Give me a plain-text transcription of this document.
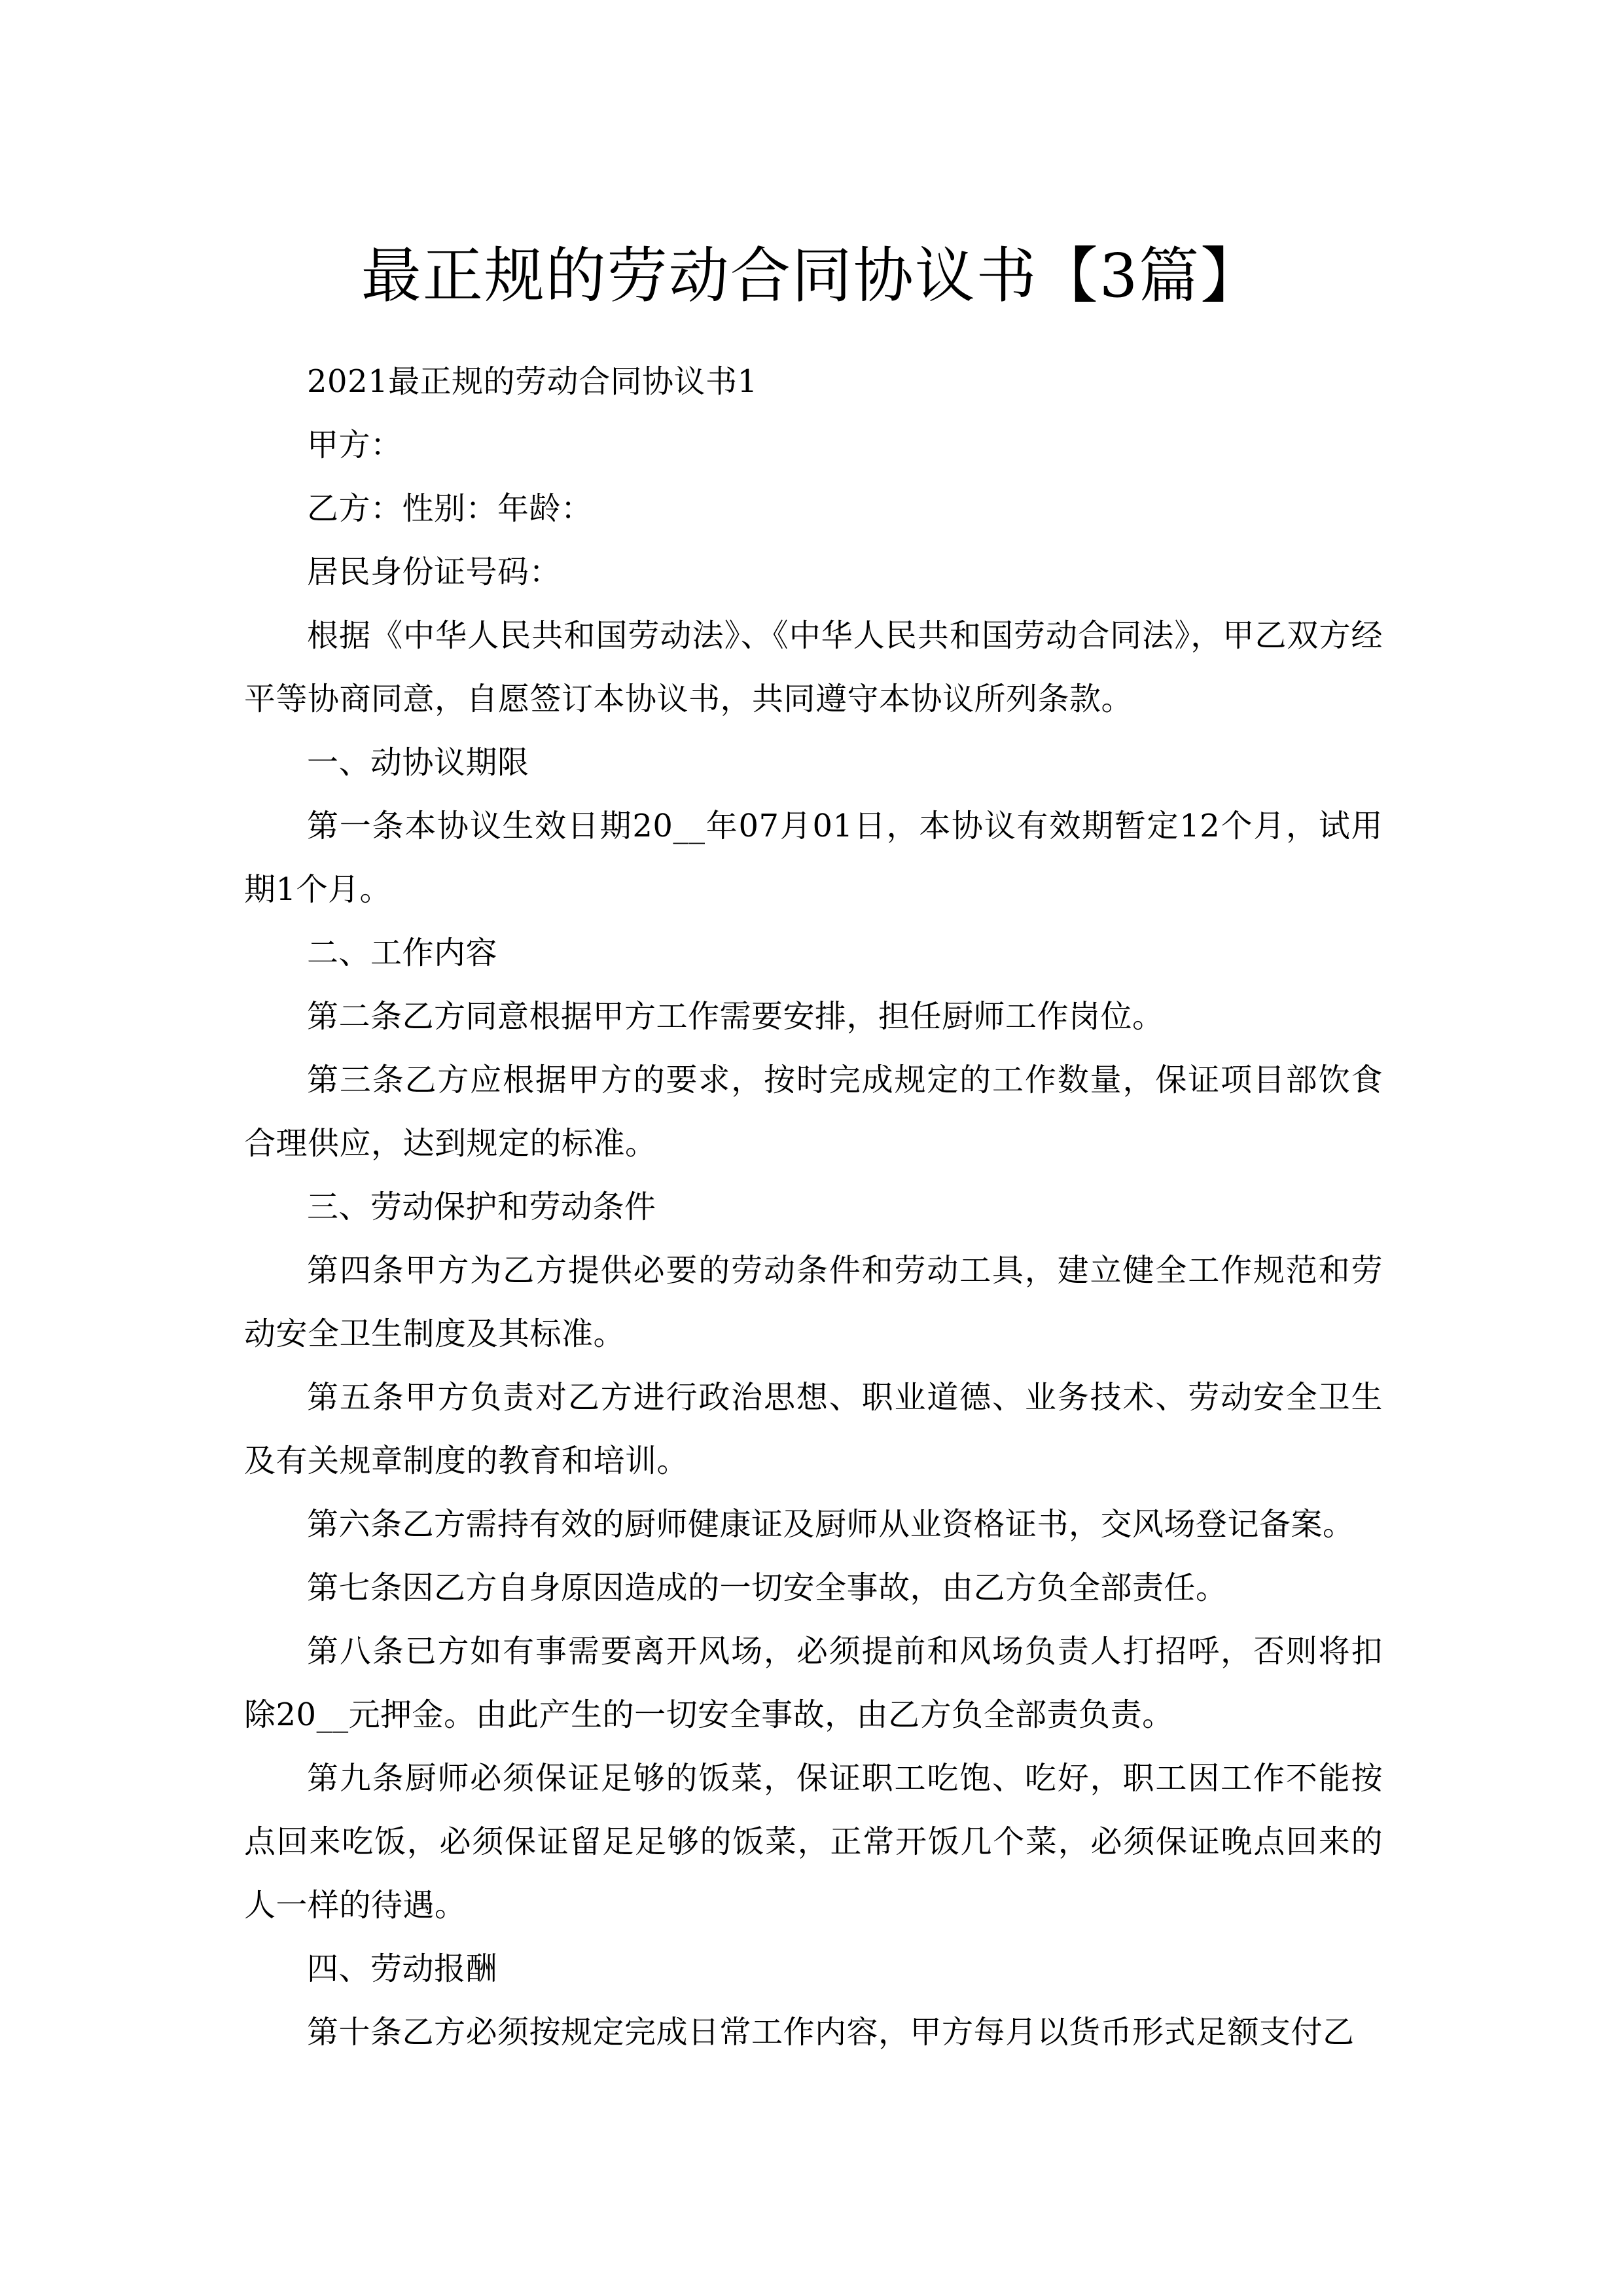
最正规的劳动合同协议书【3篇】

2021最正规的劳动合同协议书1

甲方：

乙方：性别：年龄：

居民身份证号码：

根据《中华人民共和国劳动法》、《中华人民共和国劳动合同法》，甲乙双方经平等协商同意，自愿签订本协议书，共同遵守本协议所列条款。

一、动协议期限

第一条本协议生效日期20__年07月01日，本协议有效期暂定12个月，试用期1个月。

二、工作内容

第二条乙方同意根据甲方工作需要安排，担任厨师工作岗位。

第三条乙方应根据甲方的要求，按时完成规定的工作数量，保证项目部饮食合理供应，达到规定的标准。

三、劳动保护和劳动条件

第四条甲方为乙方提供必要的劳动条件和劳动工具，建立健全工作规范和劳动安全卫生制度及其标准。

第五条甲方负责对乙方进行政治思想、职业道德、业务技术、劳动安全卫生及有关规章制度的教育和培训。

第六条乙方需持有效的厨师健康证及厨师从业资格证书，交风场登记备案。

第七条因乙方自身原因造成的一切安全事故，由乙方负全部责任。

第八条已方如有事需要离开风场，必须提前和风场负责人打招呼，否则将扣除20__元押金。由此产生的一切安全事故，由乙方负全部责负责。

第九条厨师必须保证足够的饭菜，保证职工吃饱、吃好，职工因工作不能按点回来吃饭，必须保证留足足够的饭菜，正常开饭几个菜，必须保证晚点回来的人一样的待遇。

四、劳动报酬

第十条乙方必须按规定完成日常工作内容，甲方每月以货币形式足额支付乙
